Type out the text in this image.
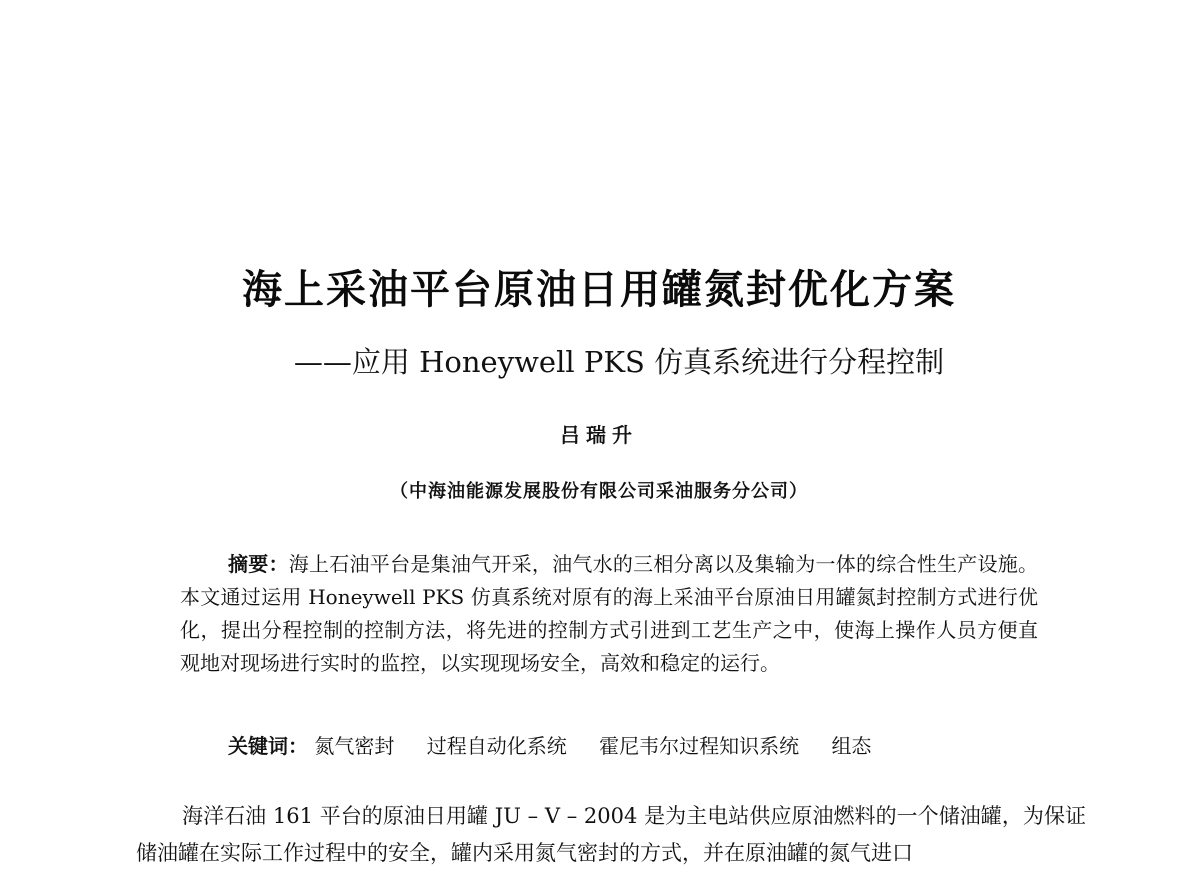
海上采油平台原油日用罐氮封优化方案
——应用 Honeywell PKS 仿真系统进行分程控制
吕瑞升
（中海油能源发展股份有限公司采油服务分公司）
摘要：海上石油平台是集油气开采，油气水的三相分离以及集输为一体的综合性生产设施。本文通过运用 Honeywell PKS 仿真系统对原有的海上采油平台原油日用罐氮封控制方式进行优化，提出分程控制的控制方法，将先进的控制方式引进到工艺生产之中，使海上操作人员方便直观地对现场进行实时的监控，以实现现场安全，高效和稳定的运行。
关键词： 氮气密封 过程自动化系统 霍尼韦尔过程知识系统 组态
海洋石油 161 平台的原油日用罐 JU – V – 2004 是为主电站供应原油燃料的一个储油罐，为保证储油罐在实际工作过程中的安全，罐内采用氮气密封的方式，并在原油罐的氮气进口
